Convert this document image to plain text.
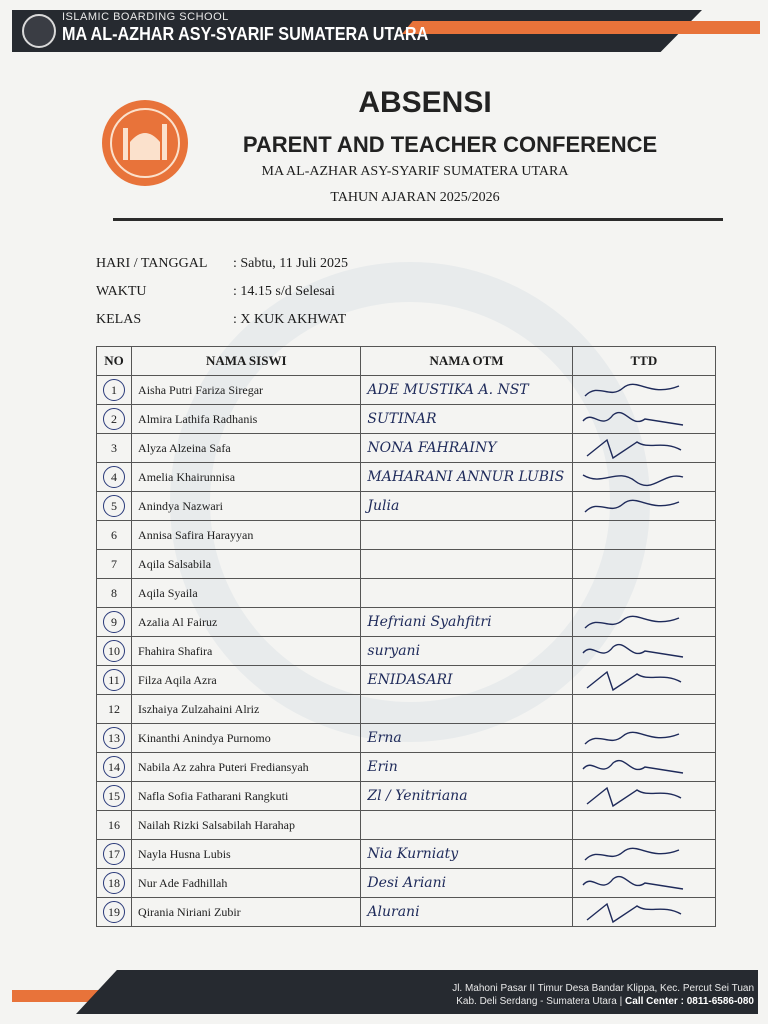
ISLAMIC BOARDING SCHOOL
MA AL-AZHAR ASY-SYARIF SUMATERA UTARA
ABSENSI
PARENT AND TEACHER CONFERENCE
MA AL-AZHAR ASY-SYARIF SUMATERA UTARA
TAHUN AJARAN 2025/2026
HARI / TANGGAL : Sabtu, 11 Juli 2025
WAKTU	: 14.15 s/d Selesai
KELAS	: X KUK AKHWAT
NO	NAMA SISWI	NAMA OTM	TTD
1	Aisha Putri Fariza Siregar	ADE MUSTIKA A. NST	

2	Almira Lathifa Radhanis	SUTINAR	

3	Alyza Alzeina Safa	NONA FAHRAINY	

4	Amelia Khairunnisa	MAHARANI ANNUR LUBIS	

5	Anindya Nazwari	Julia	

6	Annisa Safira Harayyan		
7	Aqila Salsabila		
8	Aqila Syaila		
9	Azalia Al Fairuz	Hefriani Syahfitri	

10	Fhahira Shafira	suryani	

11	Filza Aqila Azra	ENIDASARI	

12	Iszhaiya Zulzahaini Alriz		
13	Kinanthi Anindya Purnomo	Erna	

14	Nabila Az zahra Puteri Frediansyah	Erin	

15	Nafla Sofia Fatharani Rangkuti	Zl / Yenitriana	

16	Nailah Rizki Salsabilah Harahap		
17	Nayla Husna Lubis	Nia Kurniaty	

18	Nur Ade Fadhillah	Desi Ariani	

19	Qirania Niriani Zubir	Alurani	
Jl. Mahoni Pasar II Timur Desa Bandar Klippa, Kec. Percut Sei Tuan
Kab. Deli Serdang - Sumatera Utara | Call Center : 0811-6586-080
